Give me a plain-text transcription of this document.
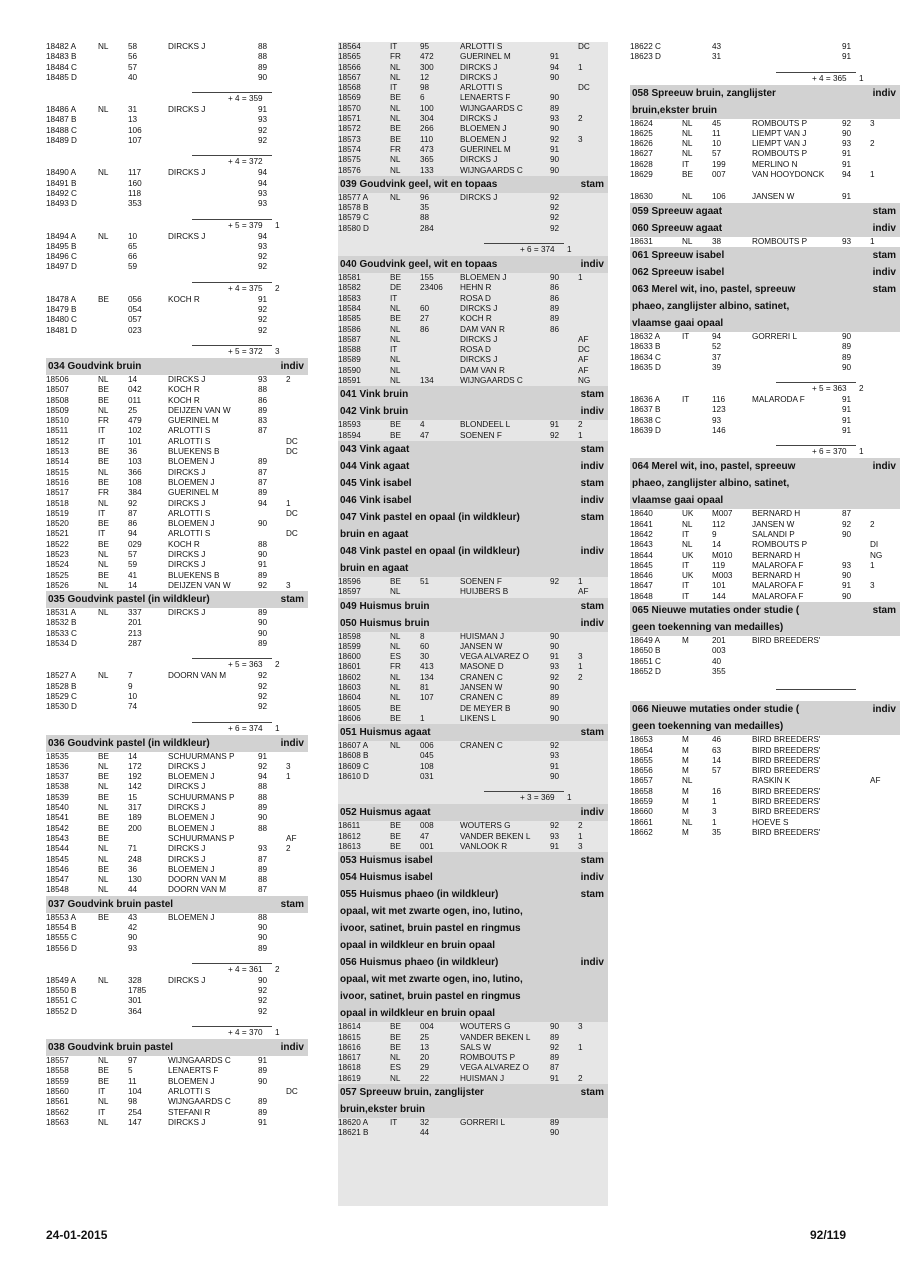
18482 A	NL 58	DIRCKS J	88
18483 B	56	88
18484 C	57	89
18485 D	40	90
+ 4 = 359
18486 A	NL 31	DIRCKS J	91
18487 B	13	93
18488 C	106	92
18489 D	107	92
+ 4 = 372
18490 A	NL 117	DIRCKS J	94
18491 B	160	94
18492 C	118	93
18493 D	353	93
+ 5 = 379 1
18494 A	NL 10	DIRCKS J	94
18495 B	65	93
18496 C	66	92
18497 D	59	92
+ 4 = 375 2
18478 A	BE 056	KOCH R	91
18479 B	054	92
18480 C	057	92
18481 D	023	92
+ 5 = 372 3
034 Goudvink bruin	indiv
18506	NL 14	DIRCKS J	93 2
18507	BE 042	KOCH R	88
18508	BE 011	KOCH R	86
18509	NL 25	DEIJZEN VAN W	89
18510	FR 479	GUERINEL M	83
18511	IT	102	ARLOTTI S	87
18512	IT	101	ARLOTTI S	DC
18513	BE 36	BLUEKENS B	DC
18514	BE 103	BLOEMEN J	89
18515	NL 366	DIRCKS J	87
18516	BE 108	BLOEMEN J	87
18517	FR 384	GUERINEL M	89
18518	NL 92	DIRCKS J	94 1
18519	IT	87	ARLOTTI S	DC
18520	BE 86	BLOEMEN J	90
18521	IT	94	ARLOTTI S	DC
18522	BE 029	KOCH R	88
18523	NL 57	DIRCKS J	90
18524	NL 59	DIRCKS J	91
18525	BE 41	BLUEKENS B	89
18526	NL 14	DEIJZEN VAN W	92 3
035 Goudvink pastel (in wildkleur)	stam
18531 A	NL 337	DIRCKS J	89
18532 B	201	90
18533 C	213	90
18534 D	287	89
+ 5 = 363 2
18527 A	NL 7	DOORN VAN M	92
18528 B	9	92
18529 C	10	92
18530 D	74	92
+ 6 = 374 1
036 Goudvink pastel (in wildkleur)	indiv
18535	BE 14	SCHUURMANS P	91
18536	NL 172	DIRCKS J	92 3
18537	BE 192	BLOEMEN J	94 1
18538	NL 142	DIRCKS J	88
18539	BE 15	SCHUURMANS P	88
18540	NL 317	DIRCKS J	89
18541	BE 189	BLOEMEN J	90
18542	BE 200	BLOEMEN J	88
18543	BE	SCHUURMANS P	AF
18544	NL 71	DIRCKS J	93 2
18545	NL 248	DIRCKS J	87
18546	BE 36	BLOEMEN J	89
18547	NL 130	DOORN VAN M	88
18548	NL 44	DOORN VAN M	87
037 Goudvink bruin pastel	stam
18553 A	BE 43	BLOEMEN J	88
18554 B	42	90
18555 C	90	90
18556 D	93	89
+ 4 = 361 2
18549 A	NL 328	DIRCKS J	90
18550 B	1785	92
18551 C	301	92
18552 D	364	92
+ 4 = 370 1
038 Goudvink bruin pastel	indiv
18557	NL 97	WIJNGAARDS C	91
18558	BE 5	LENAERTS F	89
18559	BE 11	BLOEMEN J	90
18560	IT	104	ARLOTTI S	DC
18561	NL 98	WIJNGAARDS C	89
18562	IT	254	STEFANI R	89
18563	NL 147	DIRCKS J	91
18564	IT	95	ARLOTTI S	DC
18565	FR 472	GUERINEL M	91
18566	NL 300	DIRCKS J	94 1
18567	NL 12	DIRCKS J	90
18568	IT	98	ARLOTTI S	DC
18569	BE 6	LENAERTS F	90
18570	NL 100	WIJNGAARDS C	89
18571	NL 304	DIRCKS J	93 2
18572	BE 266	BLOEMEN J	90
18573	BE 110	BLOEMEN J	92 3
18574	FR 473	GUERINEL M	91
18575	NL 365	DIRCKS J	90
18576	NL 133	WIJNGAARDS C	90
039 Goudvink geel, wit en topaas	stam
18577 A	NL 96	DIRCKS J	92
18578 B	35	92
18579 C	88	92
18580 D	284	92
+ 6 = 374 1
040 Goudvink geel, wit en topaas	indiv
18581	BE 155	BLOEMEN J	90 1
18582	DE 23406 HEHN R	86
18583	IT	ROSA D	86
18584	NL 60	DIRCKS J	89
18585	BE 27	KOCH R	89
18586	NL 86	DAM VAN R	86
18587	NL	DIRCKS J	AF
18588	IT	ROSA D	DC
18589	NL	DIRCKS J	AF
18590	NL	DAM VAN R	AF
18591	NL 134	WIJNGAARDS C	NG
041 Vink bruin	stam
042 Vink bruin	indiv
18593	BE 4	BLONDEEL L	91 2
18594	BE 47	SOENEN F	92 1
043 Vink agaat	stam
044 Vink agaat	indiv
045 Vink isabel	stam
046 Vink isabel	indiv
047 Vink pastel en opaal (in wildkleur)
bruin en agaat
stam
048 Vink pastel en opaal (in wildkleur)
bruin en agaat
indiv
18596	BE 51	SOENEN F	92 1
18597	NL	HUIJBERS B	AF
049 Huismus bruin	stam
050 Huismus bruin	indiv
18598	NL 8	HUISMAN J	90
18599	NL 60	JANSEN W	90
18600	ES 30	VEGA ALVAREZ O	91 3
18601	FR 413	MASONE D	93 1
18602	NL 134	CRANEN C	92 2
18603	NL 81	JANSEN W	90
18604	NL 107	CRANEN C	89
18605	BE	DE MEYER B	90
18606	BE 1	LIKENS L	90
051 Huismus agaat	stam
18607 A	NL 006	CRANEN C	92
18608 B	045	93
18609 C	108	91
18610 D	031	90
+ 3 = 369 1
052 Huismus agaat	indiv
18611	BE 008	WOUTERS G	92 2
18612	BE 47	VANDER BEKEN L 93 1
18613	BE 001	VANLOOK R	91 3
053 Huismus isabel	stam
054 Huismus isabel	indiv
055 Huismus phaeo (in wildkleur)
opaal, wit met zwarte ogen, ino, lutino,
ivoor, satinet, bruin pastel en ringmus
opaal in wildkleur en bruin opaal
stam
056 Huismus phaeo (in wildkleur)
opaal, wit met zwarte ogen, ino, lutino,
ivoor, satinet, bruin pastel en ringmus
opaal in wildkleur en bruin opaal
indiv
18614	BE 004	WOUTERS G	90 3
18615	BE 25	VANDER BEKEN L 89
18616	BE 13	SALS W	92 1
18617	NL 20	ROMBOUTS P	89
18618	ES 29	VEGA ALVAREZ O	87
18619	NL 22	HUISMAN J	91 2
057 Spreeuw bruin, zanglijster
bruin,ekster bruin
stam
18620 A	IT	32	GORRERI L	89
18621 B	44	90
18622 C	43	91
18623 D	31	91
+ 4 = 365 1
058 Spreeuw bruin, zanglijster
bruin,ekster bruin
indiv
18624	NL 45	ROMBOUTS P	92 3
18625	NL 11	LIEMPT VAN J	90
18626	NL 10	LIEMPT VAN J	93 2
18627	NL 57	ROMBOUTS P	91
18628	IT	199	MERLINO N	91
18629	BE 007	VAN HOOYDONCK 94 1
18630	NL 106	JANSEN W	91
059 Spreeuw agaat	stam
060 Spreeuw agaat	indiv
18631	NL 38	ROMBOUTS P	93 1
061 Spreeuw isabel	stam
062 Spreeuw isabel	indiv
063 Merel wit, ino, pastel, spreeuw
phaeo, zanglijster albino, satinet,
vlaamse gaai opaal
stam
18632 A	IT	94	GORRERI L	90
18633 B	52	89
18634 C	37	89
18635 D	39	90
+ 5 = 363 2
18636 A	IT	116	MALARODA F	91
18637 B	123	91
18638 C	93	91
18639 D	146	91
+ 6 = 370 1
064 Merel wit, ino, pastel, spreeuw
phaeo, zanglijster albino, satinet,
vlaamse gaai opaal
indiv
18640	UK M007 BERNARD H	87
18641	NL 112	JANSEN W	92 2
18642	IT	9	SALANDI P	90
18643	NL 14	ROMBOUTS P	DI
18644	UK M010 BERNARD H	NG
18645	IT	119	MALAROFA F	93 1
18646	UK M003 BERNARD H	90
18647	IT	101	MALAROFA F	91 3
18648	IT	144	MALAROFA F	90
065 Nieuwe mutaties onder studie (
geen toekenning van medailles)
stam
18649 A	M	201	BIRD BREEDERS'
18650 B	003
18651 C	40
18652 D	355
066 Nieuwe mutaties onder studie (
geen toekenning van medailles)
indiv
18653	M	46	BIRD BREEDERS'
18654	M	63	BIRD BREEDERS'
18655	M	14	BIRD BREEDERS'
18656	M	57	BIRD BREEDERS'
18657	NL	RASKIN K	AF
18658	M	16	BIRD BREEDERS'
18659	M	1	BIRD BREEDERS'
18660	M	3	BIRD BREEDERS'
18661	NL 1	HOEVE S
18662	M	35	BIRD BREEDERS'
24-01-2015	92/119
